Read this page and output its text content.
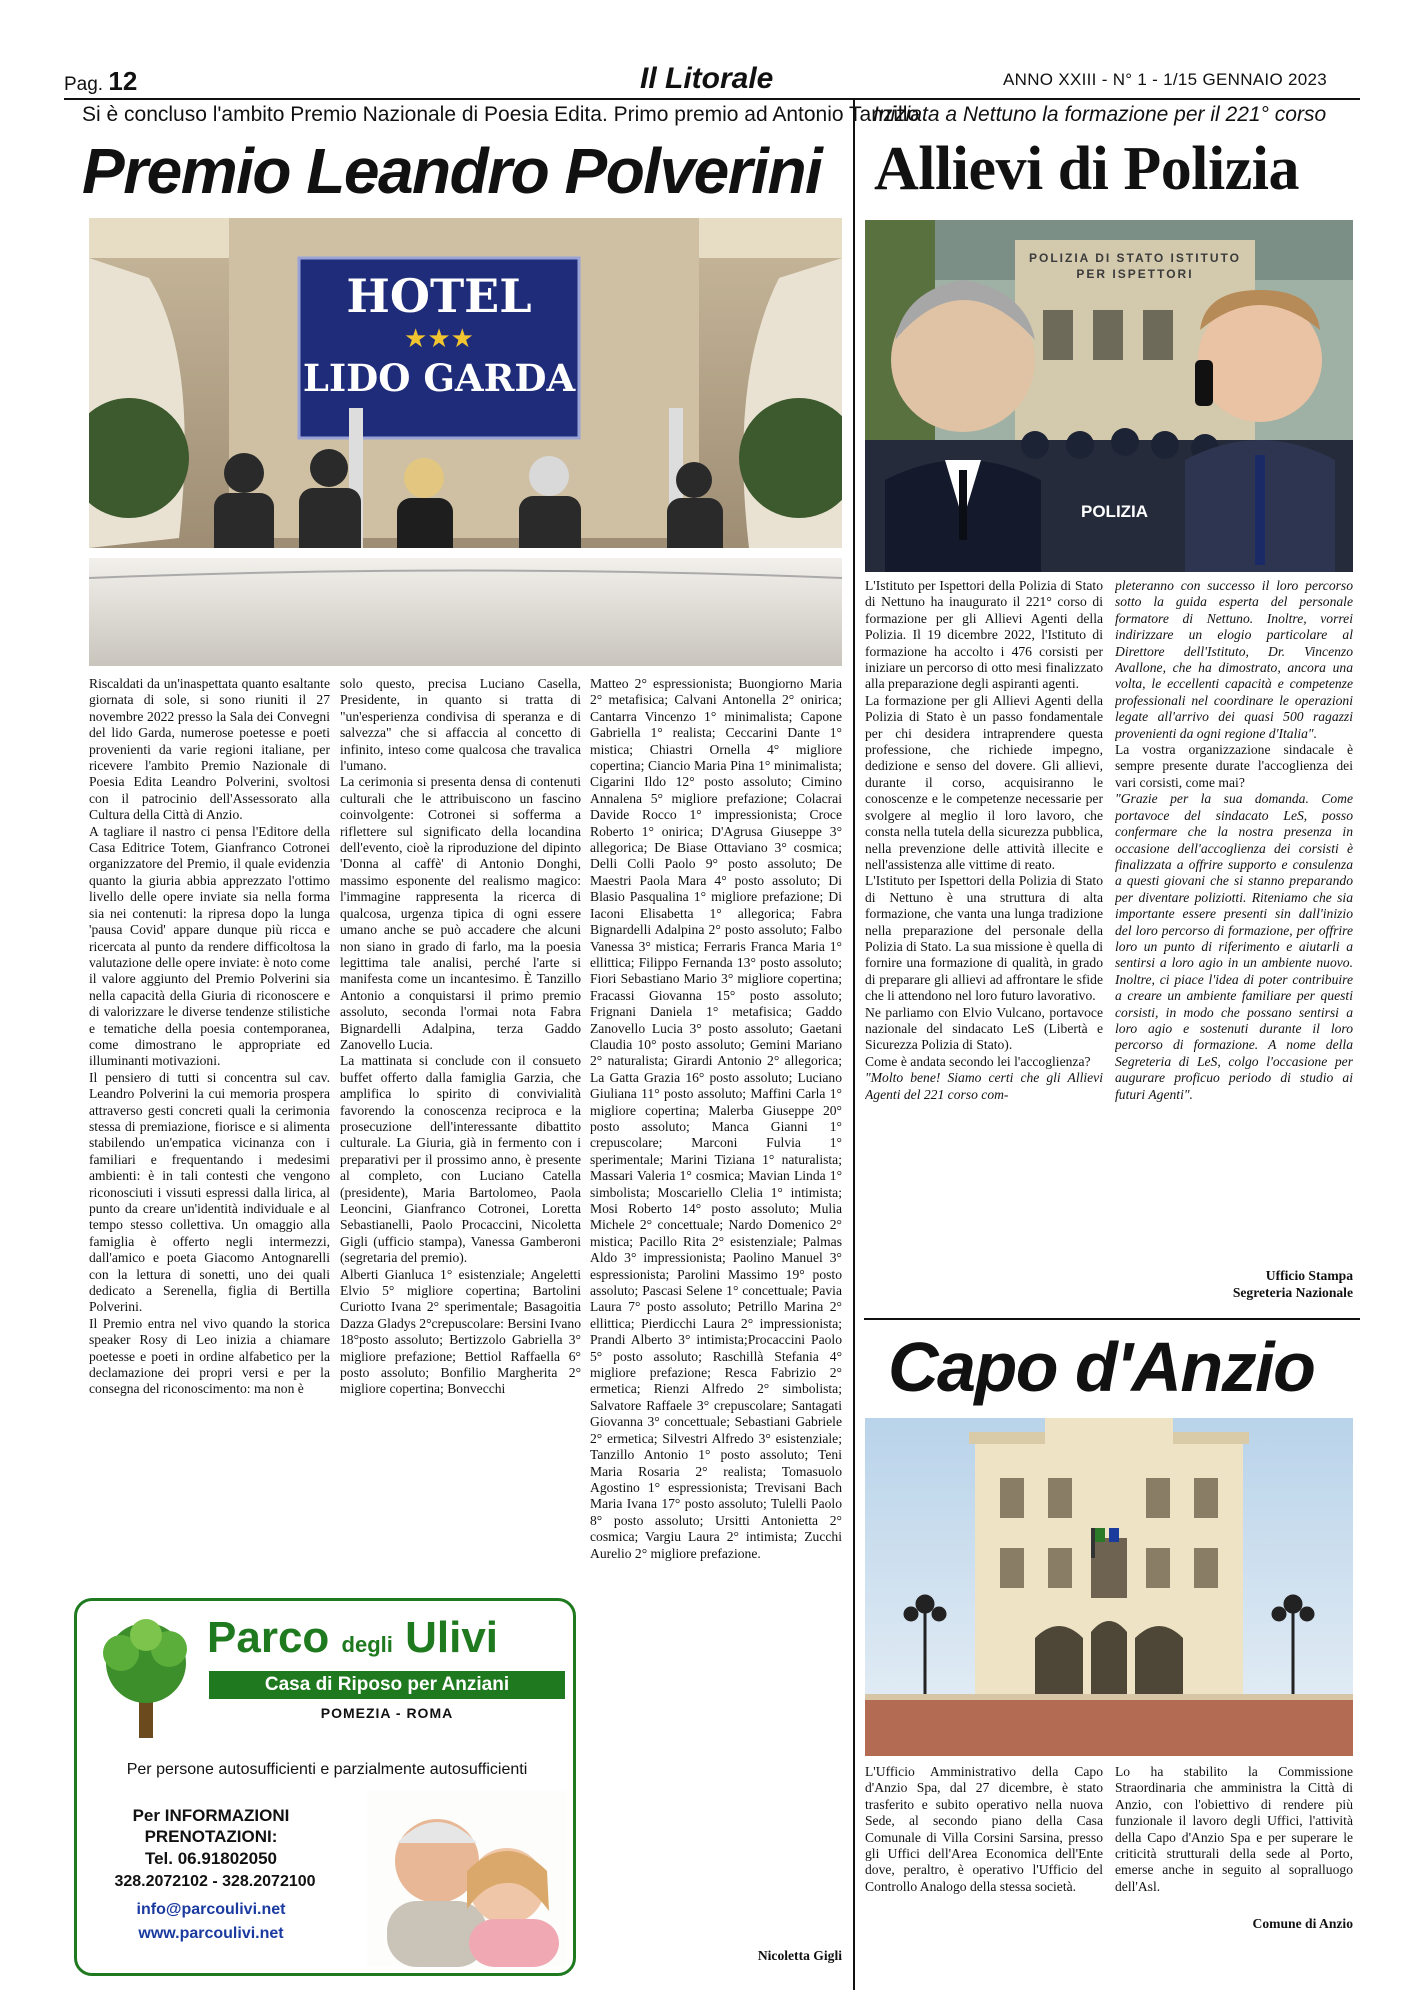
Pag. 12	Il Litorale	ANNO XXIII - N° 1 - 1/15 GENNAIO 2023
Si è concluso l'ambito Premio Nazionale di Poesia Edita. Primo premio ad Antonio Tanzillo
Premio Leandro Polverini
HOTEL
★★★
LIDO GARDA

Riscaldati da un'inaspettata quanto esaltante giornata di sole, si sono riuniti il 27 novembre 2022 presso la Sala dei Convegni del lido Garda, numerose poetesse e poeti provenienti da varie regioni italiane, per ricevere l'ambito Premio Nazionale di Poesia Edita Leandro Polverini, svoltosi con il patrocinio dell'Assessorato alla Cultura della Città di Anzio.

A tagliare il nastro ci pensa l'Editore della Casa Editrice Totem, Gianfranco Cotronei organizzatore del Premio, il quale evidenzia quanto la giuria abbia apprezzato l'ottimo livello delle opere inviate sia nella forma sia nei contenuti: la ripresa dopo la lunga 'pausa Covid' appare dunque più ricca e ricercata al punto da rendere difficoltosa la valutazione delle opere inviate: è noto come il valore aggiunto del Premio Polverini sia nella capacità della Giuria di riconoscere e di valorizzare le diverse tendenze stilistiche e tematiche della poesia contemporanea, come dimostrano le appropriate ed illuminanti motivazioni.

Il pensiero di tutti si concentra sul cav. Leandro Polverini la cui memoria prospera attraverso gesti concreti quali la cerimonia stessa di premiazione, fiorisce e si alimenta stabilendo un'empatica vicinanza con i familiari e frequentando i medesimi ambienti: è in tali contesti che vengono riconosciuti i vissuti espressi dalla lirica, al punto da creare un'identità individuale e al tempo stesso collettiva. Un omaggio alla famiglia è offerto negli intermezzi, dall'amico e poeta Giacomo Antognarelli con la lettura di sonetti, uno dei quali dedicato a Serenella, figlia di Bertilla Polverini.

Il Premio entra nel vivo quando la storica speaker Rosy di Leo inizia a chiamare poetesse e poeti in ordine alfabetico per la declamazione dei propri versi e per la consegna del riconoscimento: ma non è

solo questo, precisa Luciano Casella, Presidente, in quanto si tratta di "un'esperienza condivisa di speranza e di salvezza" che si affaccia al concetto di infinito, inteso come qualcosa che travalica l'umano.

La cerimonia si presenta densa di contenuti culturali che le attribuiscono un fascino coinvolgente: Cotronei si sofferma a riflettere sul significato della locandina dell'evento, cioè la riproduzione del dipinto 'Donna al caffè' di Antonio Donghi, massimo esponente del realismo magico: l'immagine rappresenta la ricerca di qualcosa, urgenza tipica di ogni essere umano anche se può accadere che alcuni non siano in grado di farlo, ma la poesia legittima tale analisi, perché l'arte si manifesta come un incantesimo. È Tanzillo Antonio a conquistarsi il primo premio assoluto, seconda l'ormai nota Fabra Bignardelli Adalpina, terza Gaddo Zanovello Lucia.

La mattinata si conclude con il consueto buffet offerto dalla famiglia Garzia, che amplifica lo spirito di convivialità favorendo la conoscenza reciproca e la prosecuzione dell'interessante dibattito culturale. La Giuria, già in fermento con i preparativi per il prossimo anno, è presente al completo, con Luciano Catella (presidente), Maria Bartolomeo, Paola Leoncini, Gianfranco Cotronei, Loretta Sebastianelli, Paolo Procaccini, Nicoletta Gigli (ufficio stampa), Vanessa Gamberoni (segretaria del premio).

Alberti Gianluca 1° esistenziale; Angeletti Elvio 5° migliore copertina; Bartolini Curiotto Ivana 2° sperimentale; Basagoitia Dazza Gladys 2°crepuscolare: Bersini Ivano 18°posto assoluto; Bertizzolo Gabriella 3° migliore prefazione; Bettiol Raffaella 6° posto assoluto; Bonfilio Margherita 2° migliore copertina; Bonvecchi

Matteo 2° espressionista; Buongiorno Maria 2° metafisica; Calvani Antonella 2° onirica; Cantarra Vincenzo 1° minimalista; Capone Gabriella 1° realista; Ceccarini Dante 1° mistica; Chiastri Ornella 4° migliore copertina; Ciancio Maria Pina 1° minimalista; Cigarini Ildo 12° posto assoluto; Cimino Annalena 5° migliore prefazione; Colacrai Davide Rocco 1° impressionista; Croce Roberto 1° onirica; D'Agrusa Giuseppe 3° allegorica; De Biase Ottaviano 3° cosmica; Delli Colli Paolo 9° posto assoluto; De Maestri Paola Mara 4° posto assoluto; Di Blasio Pasqualina 1° migliore prefazione; Di Iaconi Elisabetta 1° allegorica; Fabra Bignardelli Adalpina 2° posto assoluto; Falbo Vanessa 3° mistica; Ferraris Franca Maria 1° ellittica; Filippo Fernanda 13° posto assoluto; Fiori Sebastiano Mario 3° migliore copertina; Fracassi Giovanna 15° posto assoluto; Frignani Daniela 1° metafisica; Gaddo Zanovello Lucia 3° posto assoluto; Gaetani Claudia 10° posto assoluto; Gemini Mariano 2° naturalista; Girardi Antonio 2° allegorica; La Gatta Grazia 16° posto assoluto; Luciano Giuliana 11° posto assoluto; Maffini Carla 1° migliore copertina; Malerba Giuseppe 20° posto assoluto; Manca Gianni 1° crepuscolare; Marconi Fulvia 1° sperimentale; Marini Tiziana 1° naturalista; Massari Valeria 1° cosmica; Mavian Linda 1° simbolista; Moscariello Clelia 1° intimista; Mosi Roberto 14° posto assoluto; Mulia Michele 2° concettuale; Nardo Domenico 2° mistica; Pacillo Rita 2° esistenziale; Palmas Aldo 3° impressionista; Paolino Manuel 3° espressionista; Parolini Massimo 19° posto assoluto; Pascasi Selene 1° concettuale; Pavia Laura 7° posto assoluto; Petrillo Marina 2° ellittica; Pierdicchi Laura 2° impressionista; Prandi Alberto 3° intimista;Procaccini Paolo 5° posto assoluto; Raschillà Stefania 4° migliore prefazione; Resca Fabrizio 2° ermetica; Rienzi Alfredo 2° simbolista; Salvatore Raffaele 3° crepuscolare; Santagati Giovanna 3° concettuale; Sebastiani Gabriele 2° ermetica; Silvestri Alfredo 3° esistenziale; Tanzillo Antonio 1° posto assoluto; Teni Maria Rosaria 2° realista; Tomasuolo Agostino 1° espressionista; Trevisani Bach Maria Ivana 17° posto assoluto; Tulelli Paolo 8° posto assoluto; Ursitti Antonietta 2° cosmica; Vargiu Laura 2° intimista; Zucchi Aurelio 2° migliore prefazione.

Nicoletta Gigli
Parco degli Ulivi
Casa di Riposo per Anziani
POMEZIA - ROMA
Per persone autosufficienti e parzialmente autosufficienti
Per INFORMAZIONI PRENOTAZIONI:
Tel. 06.91802050
328.2072102 - 328.2072100
info@parcoulivi.net
www.parcoulivi.net
Iniziata a Nettuno la formazione per il 221° corso
Allievi di Polizia
POLIZIA DI STATO ISTITUTO PER ISPETTORI
POLIZIA

L'Istituto per Ispettori della Polizia di Stato di Nettuno ha inaugurato il 221° corso di formazione per gli Allievi Agenti della Polizia. Il 19 dicembre 2022, l'Istituto di formazione ha accolto i 476 corsisti per iniziare un percorso di otto mesi finalizzato alla preparazione degli aspiranti agenti.

La formazione per gli Allievi Agenti della Polizia di Stato è un passo fondamentale per chi desidera intraprendere questa professione, che richiede impegno, dedizione e senso del dovere. Gli allievi, durante il corso, acquisiranno le conoscenze e le competenze necessarie per svolgere al meglio il loro lavoro, che consta nella tutela della sicurezza pubblica, nella prevenzione delle attività illecite e nell'assistenza alle vittime di reato.

L'Istituto per Ispettori della Polizia di Stato di Nettuno è una struttura di alta formazione, che vanta una lunga tradizione nella preparazione del personale della Polizia di Stato. La sua missione è quella di fornire una formazione di qualità, in grado di preparare gli allievi ad affrontare le sfide che li attendono nel loro futuro lavorativo.

Ne parliamo con Elvio Vulcano, portavoce nazionale del sindacato LeS (Libertà e Sicurezza Polizia di Stato).

Come è andata secondo lei l'accoglienza?

"Molto bene! Siamo certi che gli Allievi Agenti del 221 corso com-

pleteranno con successo il loro percorso sotto la guida esperta del personale formatore di Nettuno. Inoltre, vorrei indirizzare un elogio particolare al Direttore dell'Istituto, Dr. Vincenzo Avallone, che ha dimostrato, ancora una volta, le eccellenti capacità e competenze professionali nel coordinare le operazioni legate all'arrivo dei quasi 500 ragazzi provenienti da ogni regione d'Italia".

La vostra organizzazione sindacale è sempre presente durate l'accoglienza dei vari corsisti, come mai?

"Grazie per la sua domanda. Come portavoce del sindacato LeS, posso confermare che la nostra presenza in occasione dell'accoglienza dei corsisti è finalizzata a offrire supporto e consulenza a questi giovani che si stanno preparando per diventare poliziotti. Riteniamo che sia importante essere presenti sin dall'inizio del loro percorso di formazione, per offrire loro un punto di riferimento e aiutarli a sentirsi a loro agio in un ambiente nuovo. Inoltre, ci piace l'idea di poter contribuire a creare un ambiente familiare per questi corsisti, in modo che possano sentirsi a loro agio e sostenuti durante il loro percorso di formazione. A nome della Segreteria di LeS, colgo l'occasione per augurare proficuo periodo di studio ai futuri Agenti".

Ufficio Stampa
Segreteria Nazionale
Capo d'Anzio

L'Ufficio Amministrativo della Capo d'Anzio Spa, dal 27 dicembre, è stato trasferito e subito operativo nella nuova Sede, al secondo piano della Casa Comunale di Villa Corsini Sarsina, presso gli Uffici dell'Area Economica dell'Ente dove, peraltro, è operativo l'Ufficio del Controllo Analogo della stessa società.

Lo ha stabilito la Commissione Straordinaria che amministra la Città di Anzio, con l'obiettivo di rendere più funzionale il lavoro degli Uffici, l'attività della Capo d'Anzio Spa e per superare le criticità strutturali della sede al Porto, emerse anche in seguito al sopralluogo dell'Asl.

Comune di Anzio
